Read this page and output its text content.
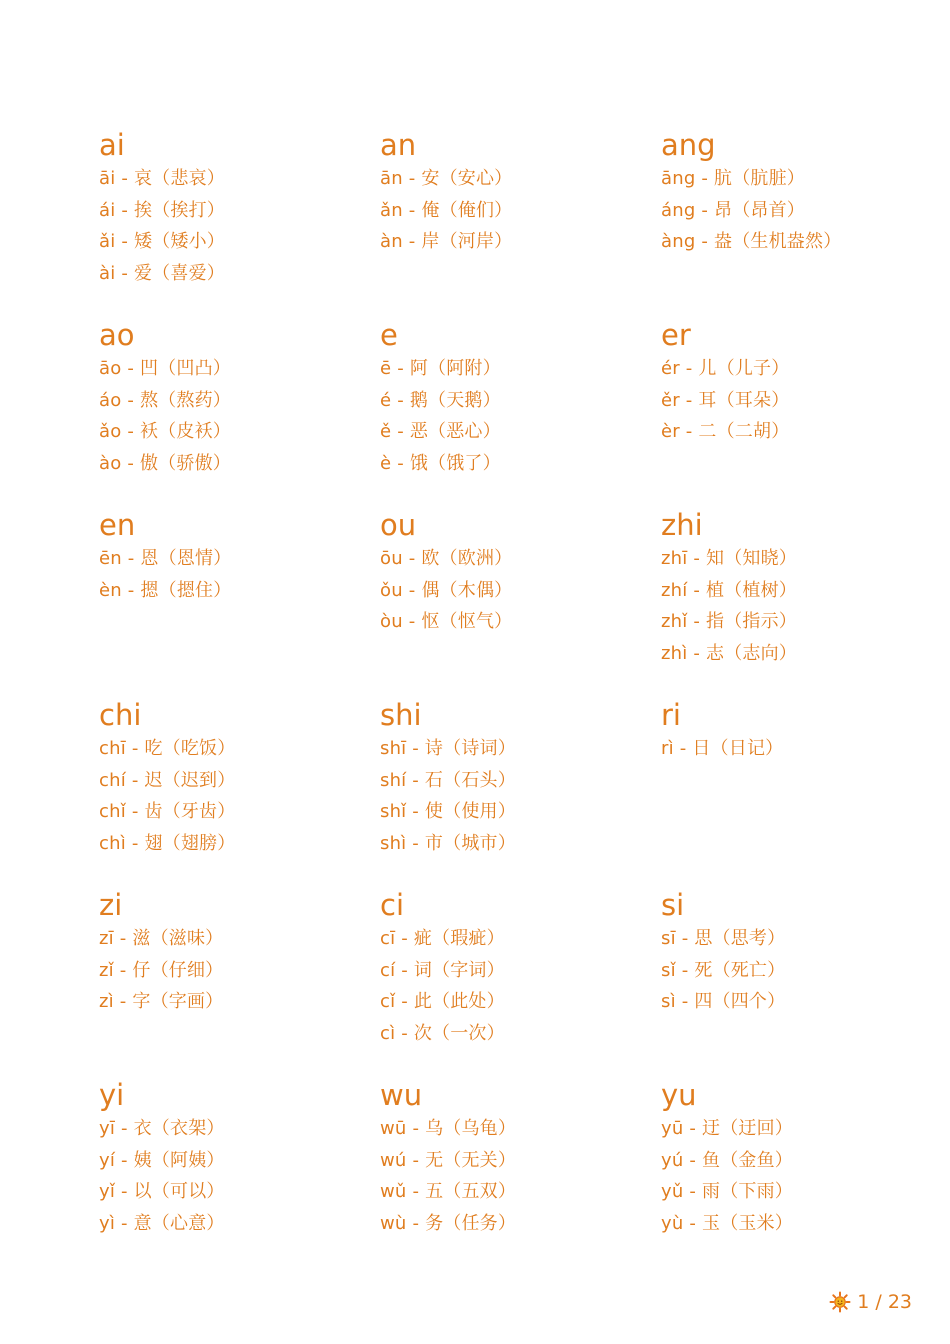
ai
āi - 哀（悲哀）
ái - 挨（挨打）
ǎi - 矮（矮小）
ài - 爱（喜爱）
an
ān - 安（安心）
ǎn - 俺（俺们）
àn - 岸（河岸）
ang
āng - 肮（肮脏）
áng - 昂（昂首）
àng - 盎（生机盎然）
ao
āo - 凹（凹凸）
áo - 熬（熬药）
ǎo - 袄（皮袄）
ào - 傲（骄傲）
e
ē - 阿（阿附）
é - 鹅（天鹅）
ě - 恶（恶心）
è - 饿（饿了）
er
ér - 儿（儿子）
ěr - 耳（耳朵）
èr - 二（二胡）
en
ēn - 恩（恩情）
èn - 摁（摁住）
ou
ōu - 欧（欧洲）
ǒu - 偶（木偶）
òu - 怄（怄气）
zhi
zhī - 知（知晓）
zhí - 植（植树）
zhǐ - 指（指示）
zhì - 志（志向）
chi
chī - 吃（吃饭）
chí - 迟（迟到）
chǐ - 齿（牙齿）
chì - 翅（翅膀）
shi
shī - 诗（诗词）
shí - 石（石头）
shǐ - 使（使用）
shì - 市（城市）
ri
rì - 日（日记）
zi
zī - 滋（滋味）
zǐ - 仔（仔细）
zì - 字（字画）
ci
cī - 疵（瑕疵）
cí - 词（字词）
cǐ - 此（此处）
cì - 次（一次）
si
sī - 思（思考）
sǐ - 死（死亡）
sì - 四（四个）
yi
yī - 衣（衣架）
yí - 姨（阿姨）
yǐ - 以（可以）
yì - 意（心意）
wu
wū - 乌（乌龟）
wú - 无（无关）
wǔ - 五（五双）
wù - 务（任务）
yu
yū - 迂（迂回）
yú - 鱼（金鱼）
yǔ - 雨（下雨）
yù - 玉（玉米）
1 / 23
